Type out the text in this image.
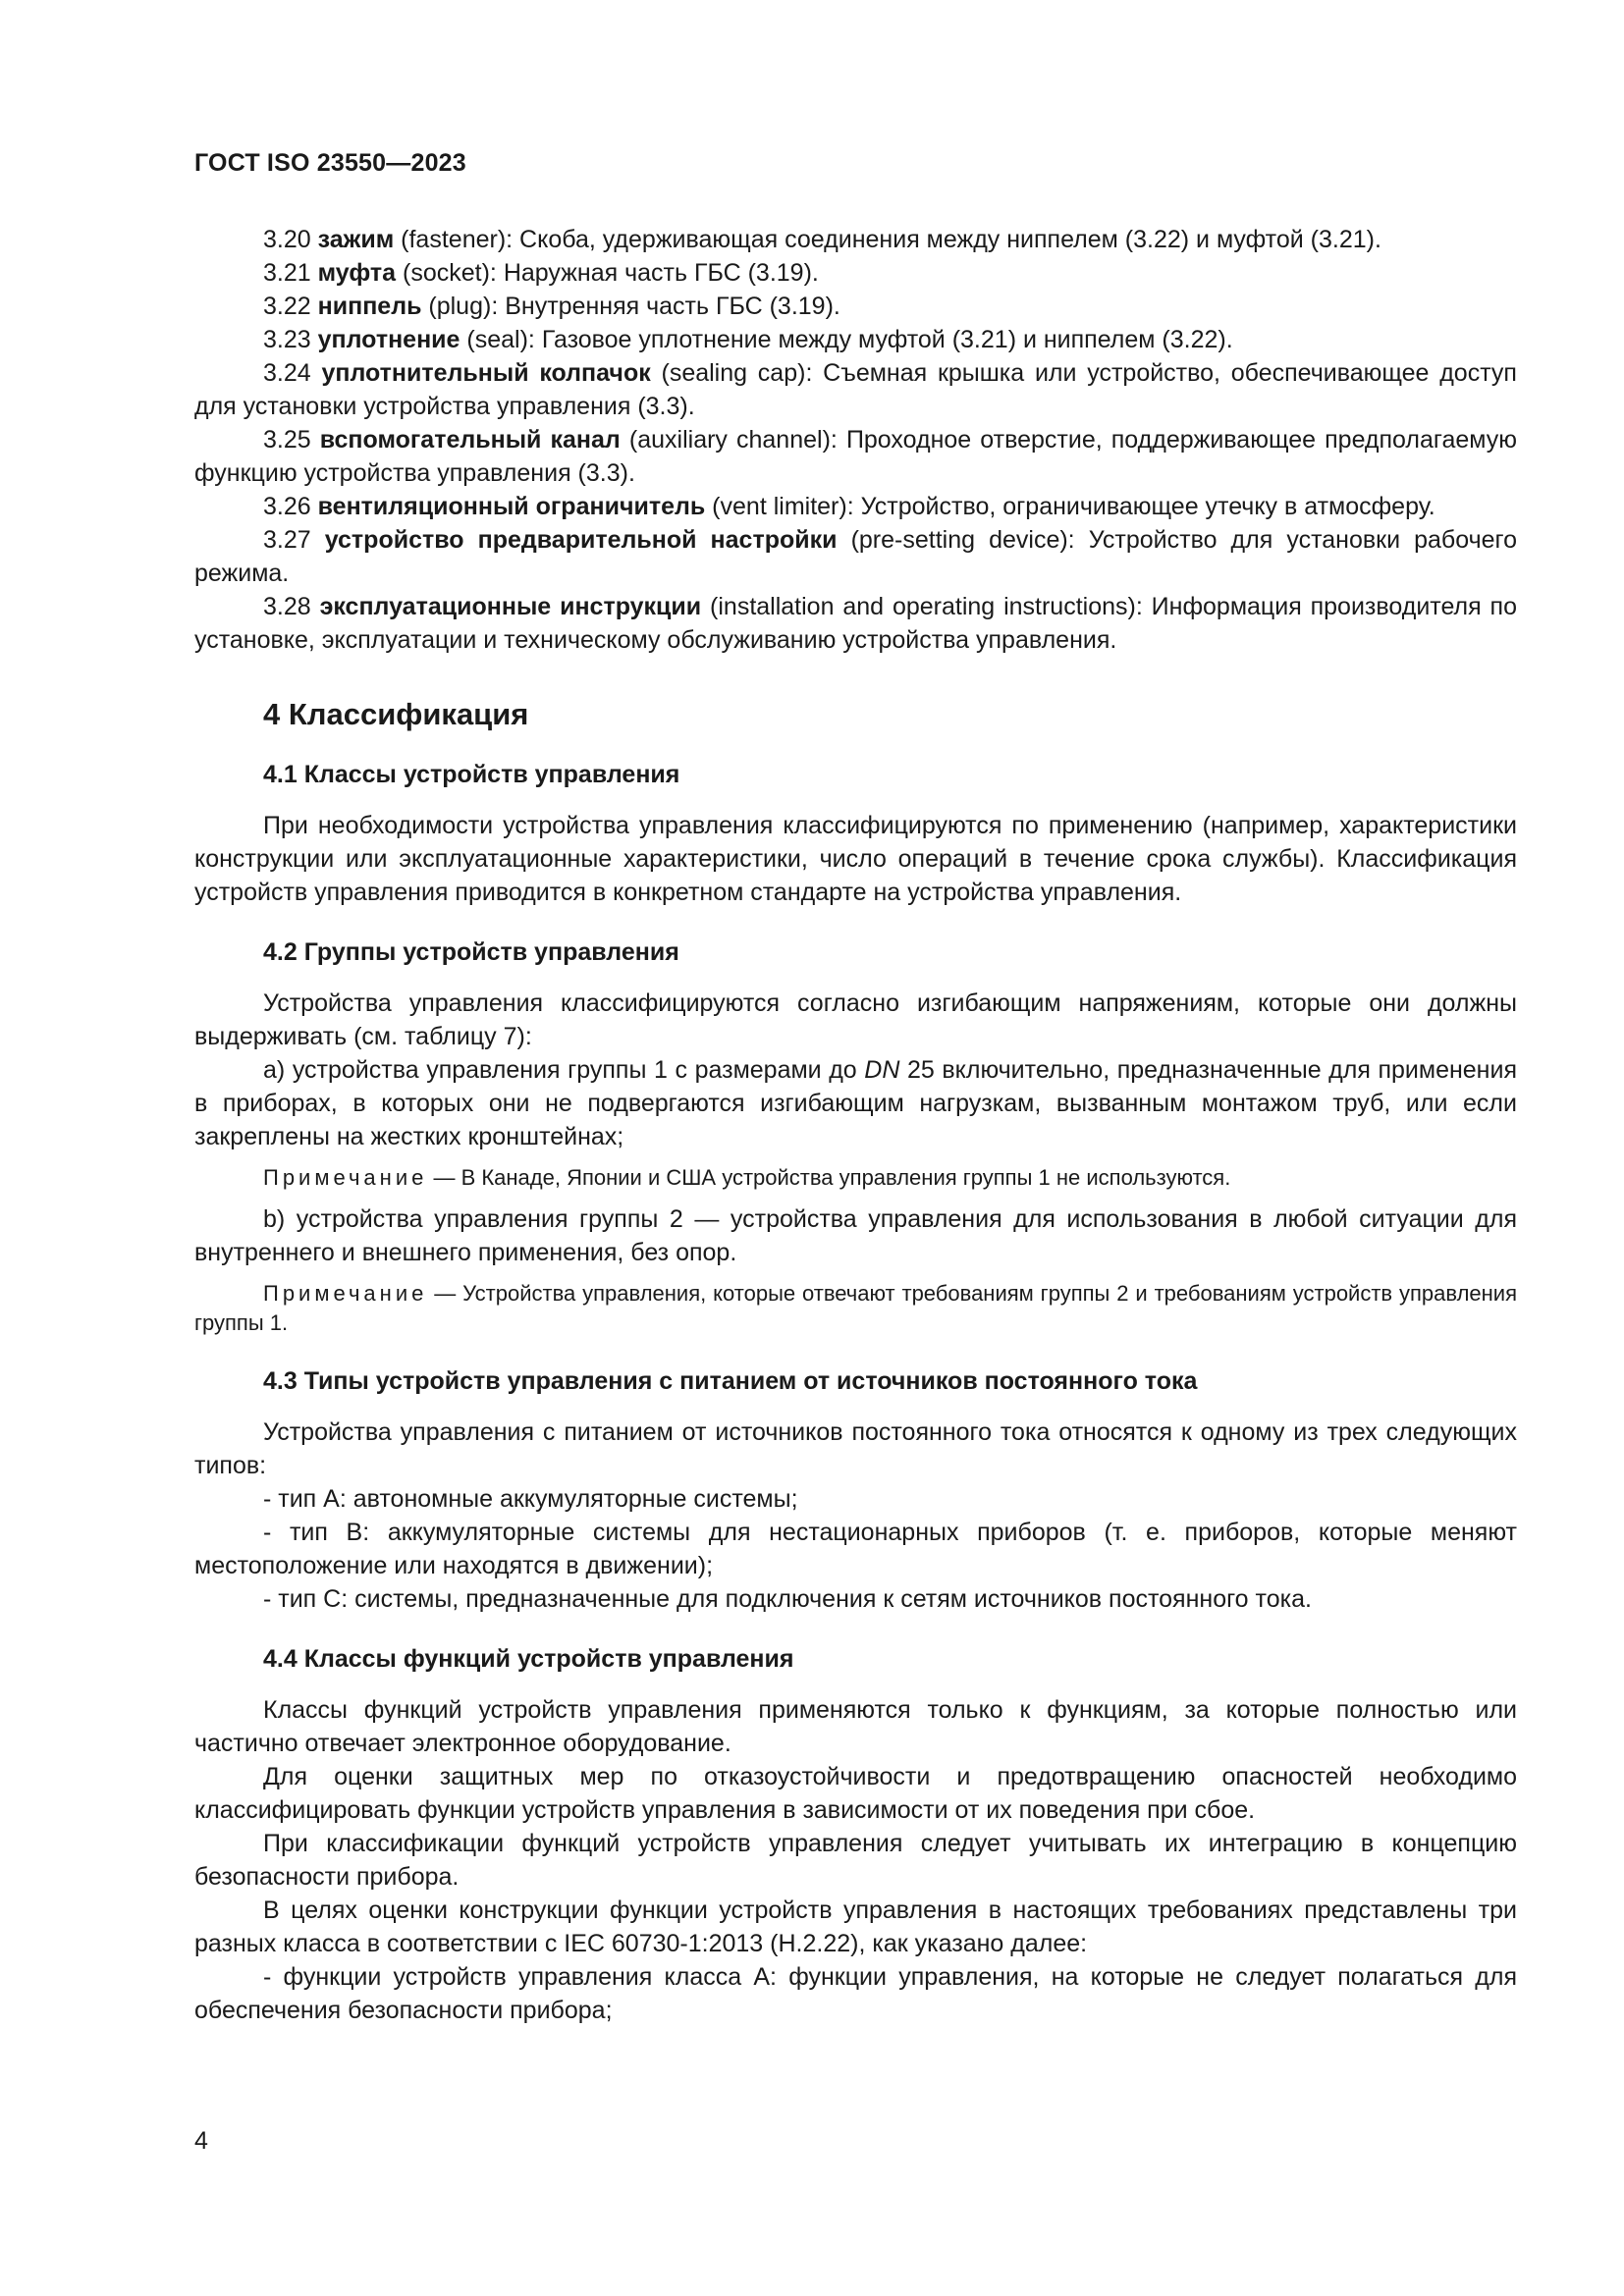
ГОСТ ISO 23550—2023

3.20 зажим (fastener): Скоба, удерживающая соединения между ниппелем (3.22) и муфтой (3.21).

3.21 муфта (socket): Наружная часть ГБС (3.19).

3.22 ниппель (plug): Внутренняя часть ГБС (3.19).

3.23 уплотнение (seal): Газовое уплотнение между муфтой (3.21) и ниппелем (3.22).

3.24 уплотнительный колпачок (sealing cap): Съемная крышка или устройство, обеспечивающее доступ для установки устройства управления (3.3).

3.25 вспомогательный канал (auxiliary channel): Проходное отверстие, поддерживающее предполагаемую функцию устройства управления (3.3).

3.26 вентиляционный ограничитель (vent limiter): Устройство, ограничивающее утечку в атмосферу.

3.27 устройство предварительной настройки (pre-setting device): Устройство для установки рабочего режима.

3.28 эксплуатационные инструкции (installation and operating instructions): Информация производителя по установке, эксплуатации и техническому обслуживанию устройства управления.

4 Классификация
4.1 Классы устройств управления

При необходимости устройства управления классифицируются по применению (например, характеристики конструкции или эксплуатационные характеристики, число операций в течение срока службы). Классификация устройств управления приводится в конкретном стандарте на устройства управления.

4.2 Группы устройств управления

Устройства управления классифицируются согласно изгибающим напряжениям, которые они должны выдерживать (см. таблицу 7):

a) устройства управления группы 1 с размерами до DN 25 включительно, предназначенные для применения в приборах, в которых они не подвергаются изгибающим нагрузкам, вызванным монтажом труб, или если закреплены на жестких кронштейнах;

Примечание — В Канаде, Японии и США устройства управления группы 1 не используются.

b) устройства управления группы 2 — устройства управления для использования в любой ситуации для внутреннего и внешнего применения, без опор.

Примечание — Устройства управления, которые отвечают требованиям группы 2 и требованиям устройств управления группы 1.

4.3 Типы устройств управления с питанием от источников постоянного тока

Устройства управления с питанием от источников постоянного тока относятся к одному из трех следующих типов:

- тип А: автономные аккумуляторные системы;

- тип В: аккумуляторные системы для нестационарных приборов (т. е. приборов, которые меняют местоположение или находятся в движении);

- тип С: системы, предназначенные для подключения к сетям источников постоянного тока.

4.4 Классы функций устройств управления

Классы функций устройств управления применяются только к функциям, за которые полностью или частично отвечает электронное оборудование.

Для оценки защитных мер по отказоустойчивости и предотвращению опасностей необходимо классифицировать функции устройств управления в зависимости от их поведения при сбое.

При классификации функций устройств управления следует учитывать их интеграцию в концепцию безопасности прибора.

В целях оценки конструкции функции устройств управления в настоящих требованиях представлены три разных класса в соответствии с IEC 60730-1:2013 (Н.2.22), как указано далее:

- функции устройств управления класса А: функции управления, на которые не следует полагаться для обеспечения безопасности прибора;

4
